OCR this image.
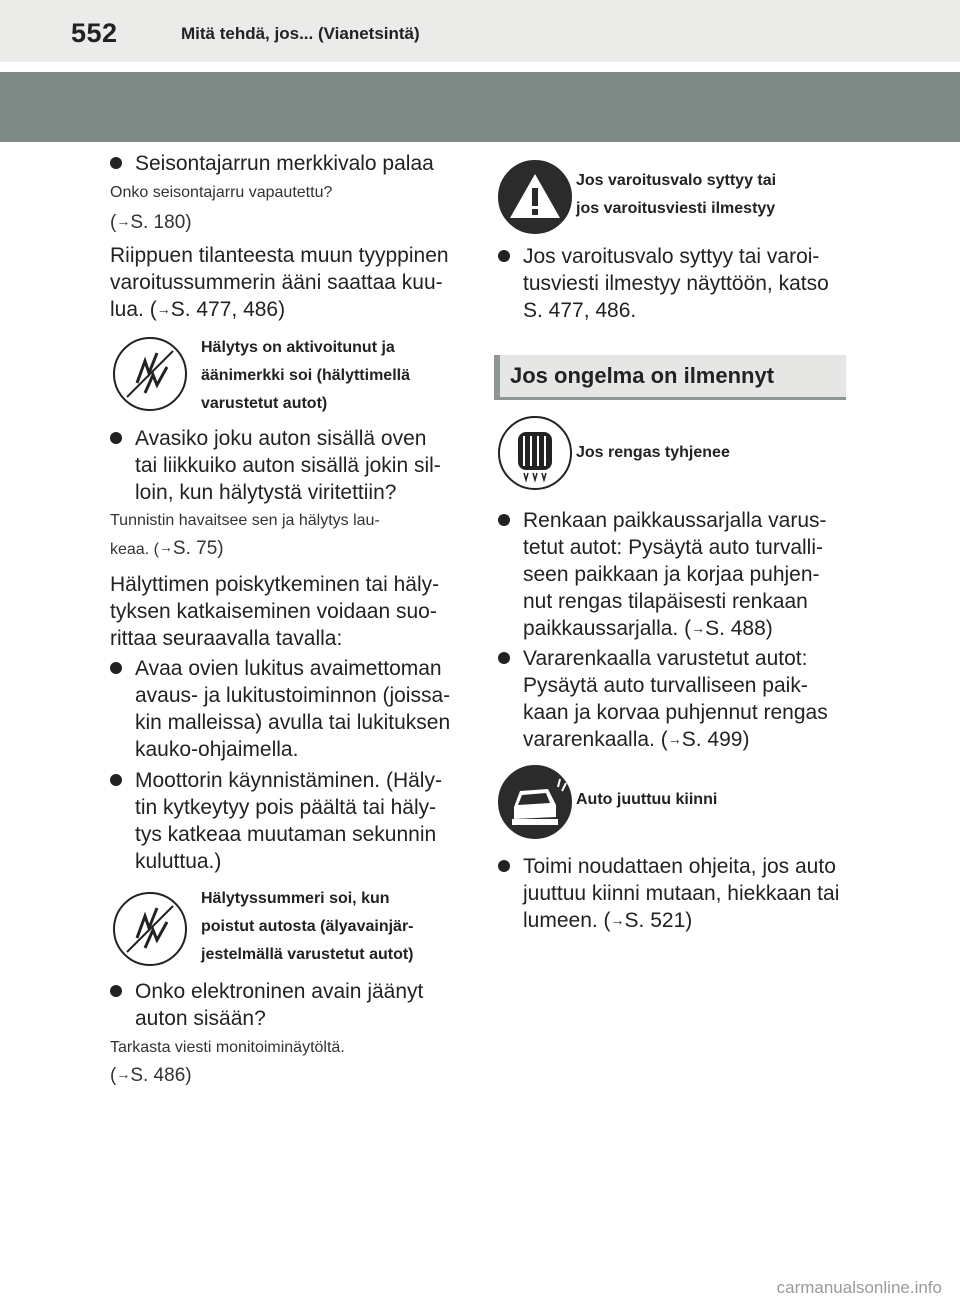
552	Mitä tehdä, jos... (Vianetsintä)
Seisontajarrun merkkivalo palaa
Onko seisontajarru vapautettu?
(→S. 180)
Riippuen tilanteesta muun tyyppinen
varoitussummerin ääni saattaa kuu-
lua. (→S. 477, 486)
Hälytys on aktivoitunut ja
äänimerkki soi (hälyttimellä
varustetut autot)
Avasiko joku auton sisällä oven
tai liikkuiko auton sisällä jokin sil-
loin, kun hälytystä viritettiin?
Tunnistin havaitsee sen ja hälytys lau-
keaa. (→S. 75)
Hälyttimen poiskytkeminen tai häly-
tyksen katkaiseminen voidaan suo-
rittaa seuraavalla tavalla:
Avaa ovien lukitus avaimettoman
avaus- ja lukitustoiminnon (joissa-
kin malleissa) avulla tai lukituksen
kauko-ohjaimella.
Moottorin käynnistäminen. (Häly-
tin kytkeytyy pois päältä tai häly-
tys katkeaa muutaman sekunnin
kuluttua.)
Hälytyssummeri soi, kun
poistut autosta (älyavainjär-
jestelmällä varustetut autot)
Onko elektroninen avain jäänyt
auton sisään?
Tarkasta viesti monitoiminäytöltä.
(→S. 486)
Jos varoitusvalo syttyy tai
jos varoitusviesti ilmestyy
Jos varoitusvalo syttyy tai varoi-
tusviesti ilmestyy näyttöön, katso
S. 477, 486.
Jos ongelma on ilmennyt
Jos rengas tyhjenee
Renkaan paikkaussarjalla varus-
tetut autot: Pysäytä auto turvalli-
seen paikkaan ja korjaa puhjen-
nut rengas tilapäisesti renkaan
paikkaussarjalla. (→S. 488)
Vararenkaalla varustetut autot:
Pysäytä auto turvalliseen paik-
kaan ja korvaa puhjennut rengas
vararenkaalla. (→S. 499)
Auto juuttuu kiinni
Toimi noudattaen ohjeita, jos auto
juuttuu kiinni mutaan, hiekkaan tai
lumeen. (→S. 521)
carmanualsonline.info
